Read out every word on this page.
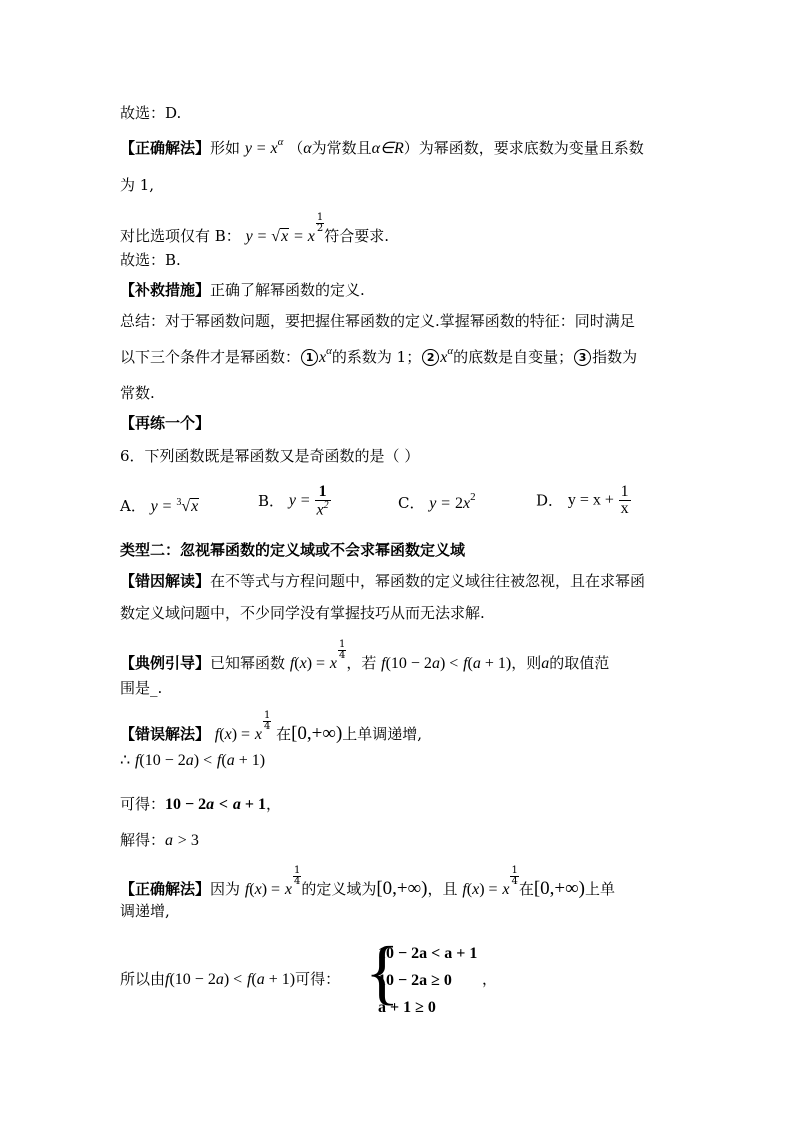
故选：D.
【正确解法】形如 $y = x^\alpha$ （α为常数且α∈R）为幂函数，要求底数为变量且系数
为 1,
对比选项仅有 B： y = √x = x
$\frac{1}{2}$
符合要求.
故选：B.
【补救措施】正确了解幂函数的定义.
总结：对于幂函数问题，要把握住幂函数的定义.掌握幂函数的特征：同时满足
以下三个条件才是幂函数： 1 $x^\alpha$的系数为 1； 2 $x^\alpha$的底数是自变量； 3 指数为
常数.
【再练一个】
6．下列函数既是幂函数又是奇函数的是（ ）
A． y = $^3$√x	B． $y = \frac{1}{x^2}$	C． $y = 2x^2$	D． $y = x + \frac{1}{x}$
类型二：忽视幂函数的定义域或不会求幂函数定义域
【错因解读】在不等式与方程问题中，幂函数的定义域往往被忽视，且在求幂函
数定义域问题中，不少同学没有掌握技巧从而无法求解.
【典例引导】已知幂函数 f(x) = x
$\frac{1}{4}$
，若 f(10 − 2a) < f(a + 1)，则a的取值范
围是_.
【错误解法】 f(x) = x
$\frac{1}{4}$
在[0,+∞)上单调递增,
∴ f(10 − 2a) < f(a + 1)
可得：10 − 2a < a + 1，
解得：a > 3
【正确解法】因为 f(x) = x
$\frac{1}{4}$
的定义域为[0,+∞)，且 f(x) = x
$\frac{1}{4}$
在[0,+∞)上单
调递增,
所以由f(10 − 2a) < f(a + 1)可得： {
10 − 2a < a + 1
10 − 2a ≥ 0
a + 1 ≥ 0
，
